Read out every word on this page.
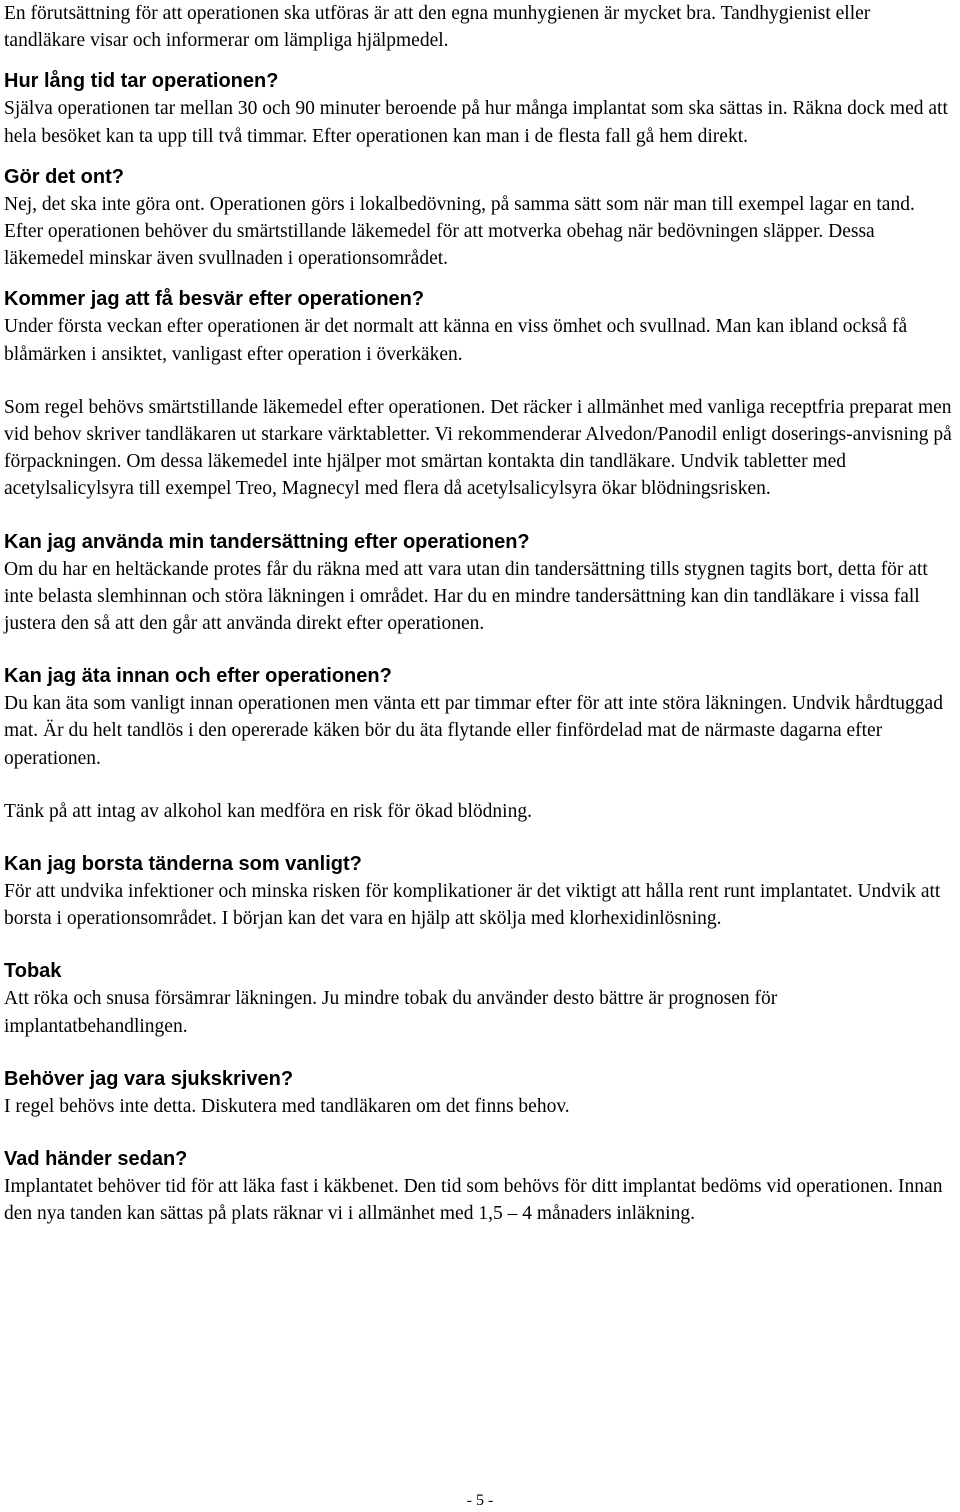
En förutsättning för att operationen ska utföras är att den egna munhygienen är mycket bra. Tandhygienist eller tandläkare visar och informerar om lämpliga hjälpmedel.

Hur lång tid tar operationen?

Själva operationen tar mellan 30 och 90 minuter beroende på hur många implantat som ska sättas in. Räkna dock med att hela besöket kan ta upp till två timmar. Efter operationen kan man i de flesta fall gå hem direkt.

Gör det ont?

Nej, det ska inte göra ont. Operationen görs i lokalbedövning, på samma sätt som när man till exempel lagar en tand. Efter operationen behöver du smärtstillande läkemedel för att motverka obehag när bedövningen släpper. Dessa läkemedel minskar även svullnaden i operationsområdet.

Kommer jag att få besvär efter operationen?

Under första veckan efter operationen är det normalt att känna en viss ömhet och svullnad. Man kan ibland också få blåmärken i ansiktet, vanligast efter operation i överkäken.

Som regel behövs smärtstillande läkemedel efter operationen. Det räcker i allmänhet med vanliga receptfria preparat men vid behov skriver tandläkaren ut starkare värktabletter. Vi rekommenderar Alvedon/Panodil enligt doserings-anvisning på förpackningen. Om dessa läkemedel inte hjälper mot smärtan kontakta din tandläkare. Undvik tabletter med acetylsalicylsyra till exempel Treo, Magnecyl med flera då acetylsalicylsyra ökar blödningsrisken.

Kan jag använda min tandersättning efter operationen?

Om du har en heltäckande protes får du räkna med att vara utan din tandersättning tills stygnen tagits bort, detta för att inte belasta slemhinnan och störa läkningen i området. Har du en mindre tandersättning kan din tandläkare i vissa fall justera den så att den går att använda direkt efter operationen.

Kan jag äta innan och efter operationen?

Du kan äta som vanligt innan operationen men vänta ett par timmar efter för att inte störa läkningen. Undvik hårdtuggad mat. Är du helt tandlös i den opererade käken bör du äta flytande eller finfördelad mat de närmaste dagarna efter operationen.

Tänk på att intag av alkohol kan medföra en risk för ökad blödning.

Kan jag borsta tänderna som vanligt?

För att undvika infektioner och minska risken för komplikationer är det viktigt att hålla rent runt implantatet. Undvik att borsta i operationsområdet. I början kan det vara en hjälp att skölja med klorhexidinlösning.

Tobak

Att röka och snusa försämrar läkningen. Ju mindre tobak du använder desto bättre är prognosen för implantatbehandlingen.

Behöver jag vara sjukskriven?

I regel behövs inte detta. Diskutera med tandläkaren om det finns behov.

Vad händer sedan?

Implantatet behöver tid för att läka fast i käkbenet. Den tid som behövs för ditt implantat bedöms vid operationen. Innan den nya tanden kan sättas på plats räknar vi i allmänhet med 1,5 – 4 månaders inläkning.

- 5 -
